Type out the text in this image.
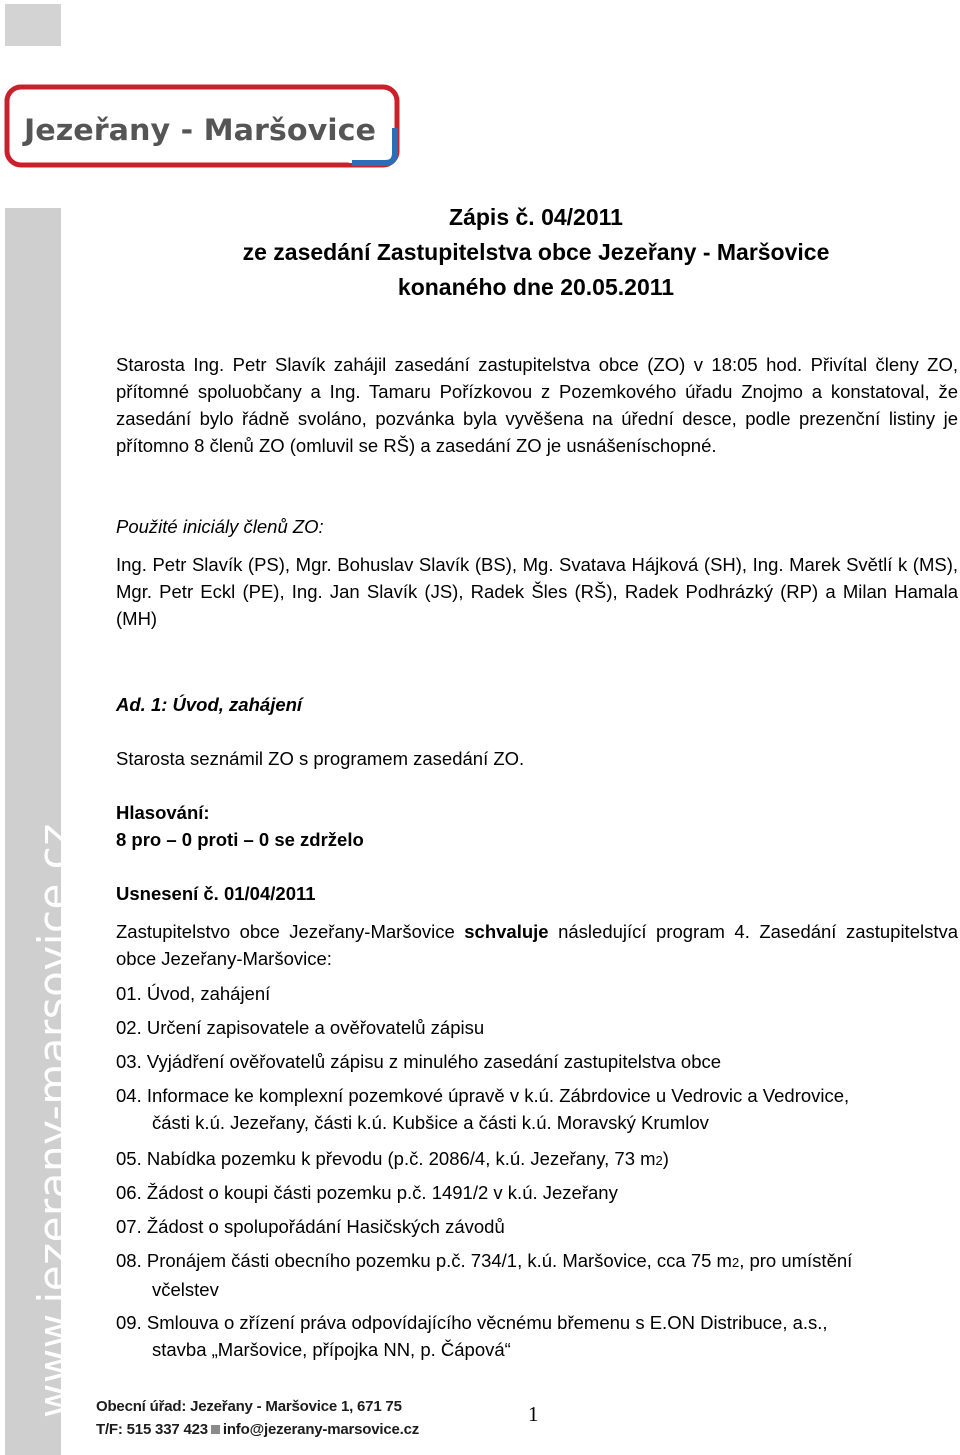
Jezeřany - Maršovice
www.jezerany-marsovice.cz
Zápis č. 04/2011
ze zasedání Zastupitelstva obce Jezeřany - Maršovice
konaného dne 20.05.2011
Starosta Ing. Petr Slavík zahájil zasedání zastupitelstva obce (ZO) v 18:05 hod. Přivítal členy ZO, přítomné spoluobčany a Ing. Tamaru Pořízkovou z Pozemkového úřadu Znojmo a konstatoval, že zasedání bylo řádně svoláno, pozvánka byla vyvěšena na úřední desce, podle prezenční listiny je přítomno 8 členů ZO (omluvil se RŠ) a zasedání ZO je usnášeníschopné.
Použité iniciály členů ZO:
Ing. Petr Slavík (PS), Mgr. Bohuslav Slavík (BS), Mg. Svatava Hájková (SH), Ing. Marek Světlí k (MS), Mgr. Petr Eckl (PE), Ing. Jan Slavík (JS), Radek Šles (RŠ), Radek Podhrázký (RP) a Milan Hamala (MH)
Ad. 1: Úvod, zahájení
Starosta seznámil ZO s programem zasedání ZO.
Hlasování:
8 pro – 0 proti – 0 se zdrželo
Usnesení č. 01/04/2011
Zastupitelstvo obce Jezeřany-Maršovice schvaluje následující program 4. Zasedání zastupitelstva obce Jezeřany-Maršovice:
01. Úvod, zahájení
02. Určení zapisovatele a ověřovatelů zápisu
03. Vyjádření ověřovatelů zápisu z minulého zasedání zastupitelstva obce
04. Informace ke komplexní pozemkové úpravě v k.ú. Zábrdovice u Vedrovic a Vedrovice,
části k.ú. Jezeřany, části k.ú. Kubšice a části k.ú. Moravský Krumlov
05. Nabídka pozemku k převodu (p.č. 2086/4, k.ú. Jezeřany, 73 m2)
06. Žádost o koupi části pozemku p.č. 1491/2 v k.ú. Jezeřany
07. Žádost o spolupořádání Hasičských závodů
08. Pronájem části obecního pozemku p.č. 734/1, k.ú. Maršovice, cca 75 m2, pro umístění
včelstev
09. Smlouva o zřízení práva odpovídajícího věcnému břemenu s E.ON Distribuce, a.s.,
stavba „Maršovice, přípojka NN, p. Čápová“
Obecní úřad: Jezeřany - Maršovice 1, 671 75
T/F: 515 337 423 info@jezerany-marsovice.cz
1
